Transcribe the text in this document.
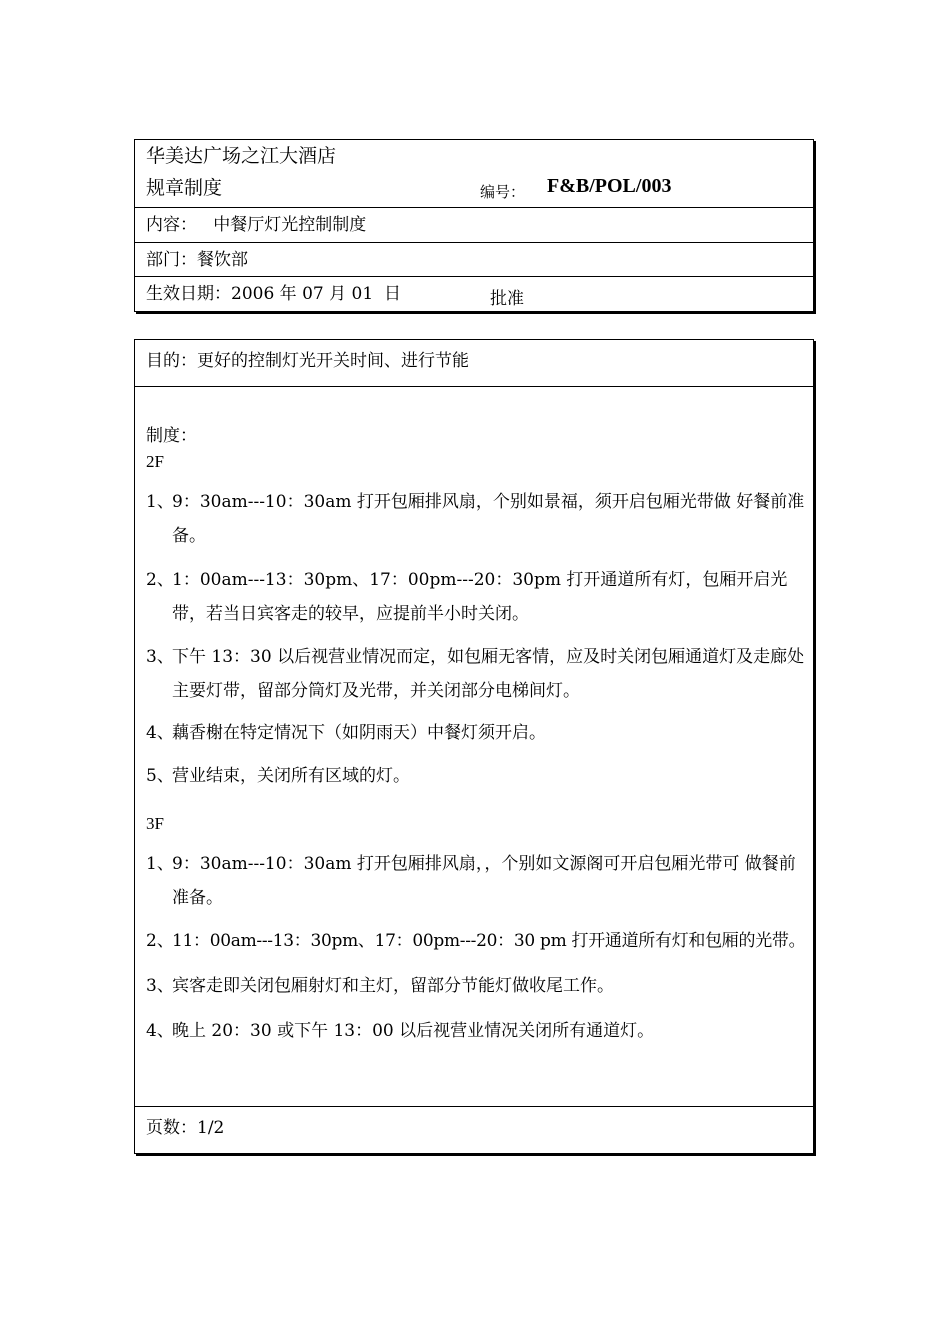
华美达广场之江大酒店
规章制度	编号： F&B/POL/003
内容：   中餐厅灯光控制制度
部门：餐饮部
生效日期：2006 年 07 月 01  日	批准
目的：更好的控制灯光开关时间、进行节能
制度：
2F
1、
9：30am---10：30am 打开包厢排风扇，个别如景福，须开启包厢光带做 好餐前准备。
2、
1：00am---13：30pm、17：00pm---20：30pm 打开通道所有灯，包厢开启光带，若当日宾客走的较早，应提前半小时关闭。
3、
下午 13：30 以后视营业情况而定，如包厢无客情，应及时关闭包厢通道灯及走廊处主要灯带，留部分筒灯及光带，并关闭部分电梯间灯。
4、
藕香榭在特定情况下（如阴雨天）中餐灯须开启。
5、
营业结束，关闭所有区域的灯。
3F
1、
9：30am---10：30am 打开包厢排风扇，，个别如文源阁可开启包厢光带可 做餐前准备。
2、
11：00am---13：30pm、17：00pm---20：30 pm 打开通道所有灯和包厢的光带。
3、
宾客走即关闭包厢射灯和主灯，留部分节能灯做收尾工作。
4、
晚上 20：30 或下午 13：00 以后视营业情况关闭所有通道灯。
页数：1/2
